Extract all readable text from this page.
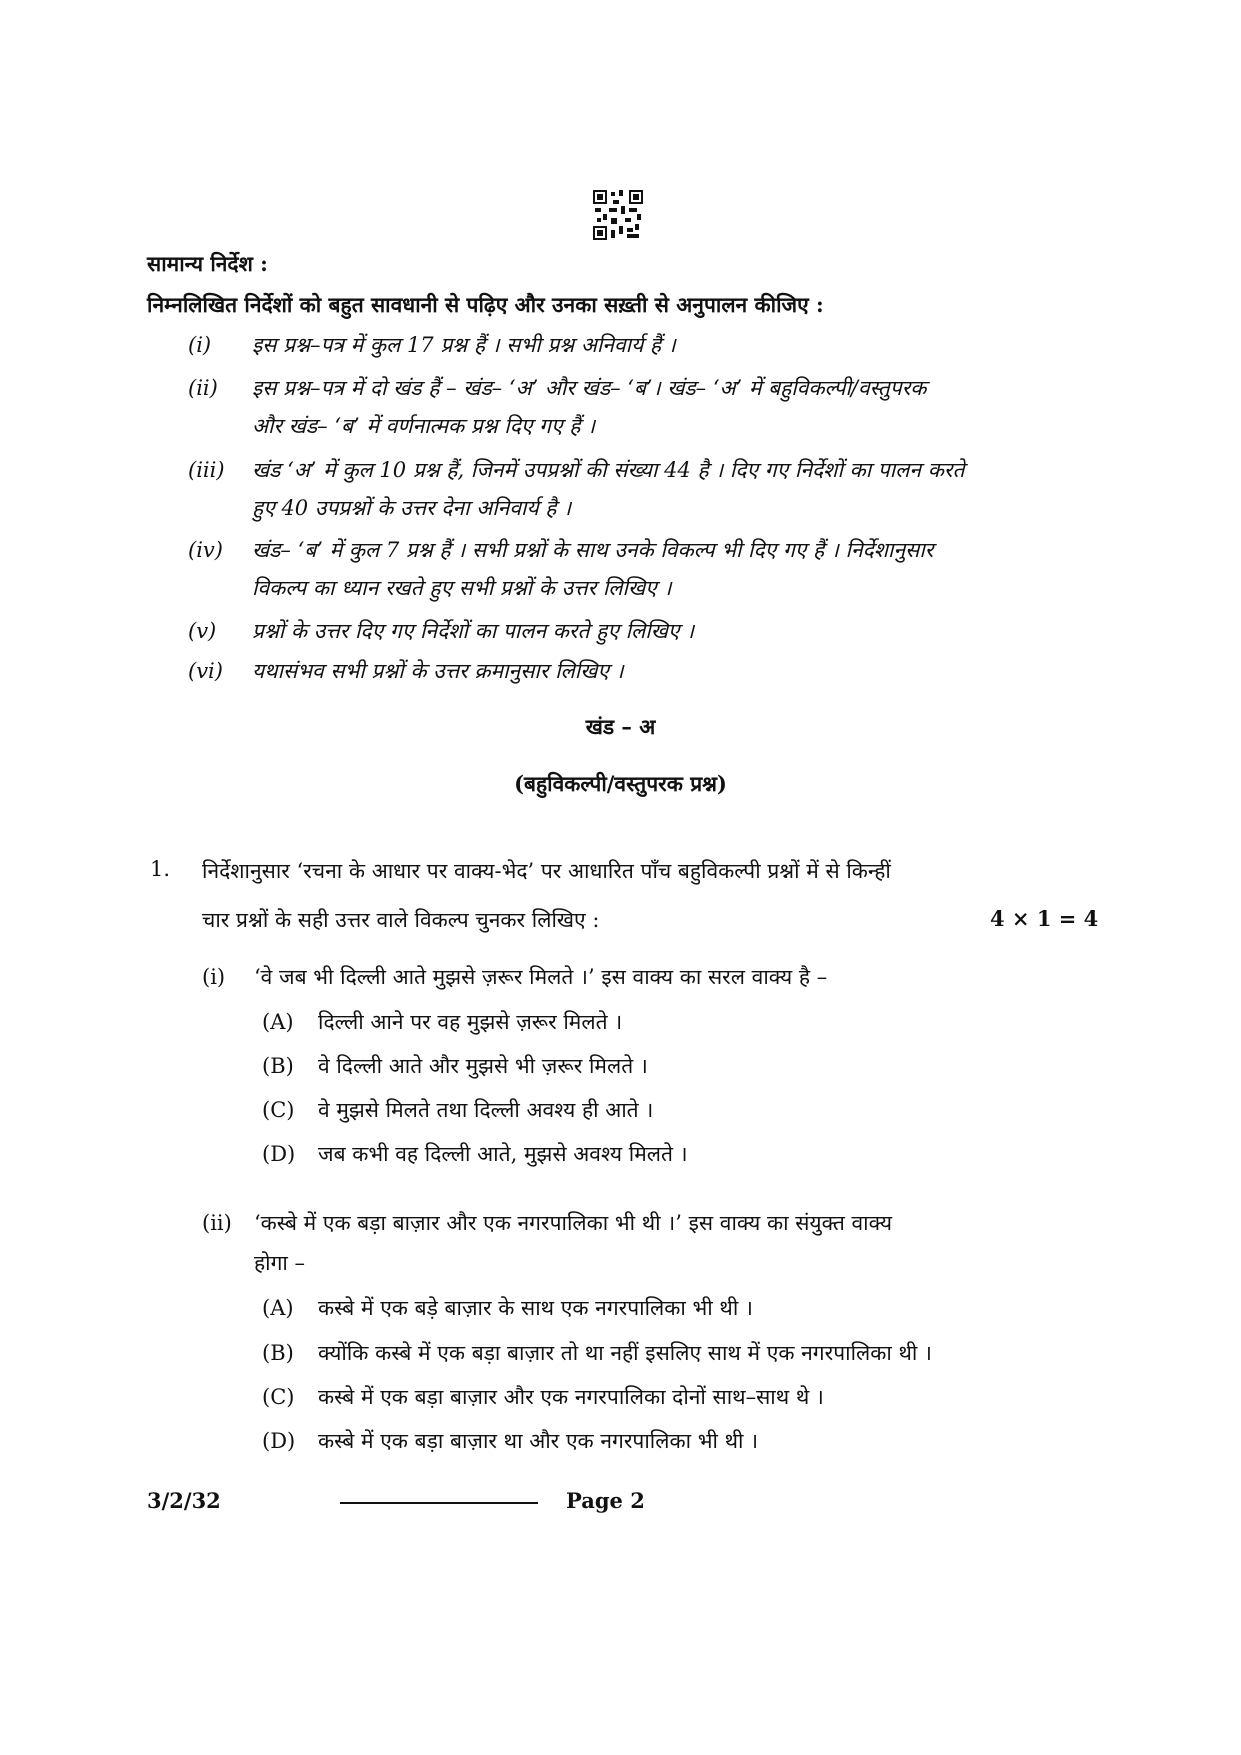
सामान्य निर्देश :
निम्नलिखित निर्देशों को बहुत सावधानी से पढ़िए और उनका सख़्ती से अनुपालन कीजिए :
(i) इस प्रश्न–पत्र में कुल 17 प्रश्न हैं । सभी प्रश्न अनिवार्य हैं ।
(ii) इस प्रश्न–पत्र में दो खंड हैं – खंड– ‘अ’ और खंड– ‘ब’। खंड– ‘अ’ में बहुविकल्पी/वस्तुपरक
और खंड– ‘ब’ में वर्णनात्मक प्रश्न दिए गए हैं ।
(iii) खंड ‘अ’ में कुल 10 प्रश्न हैं, जिनमें उपप्रश्नों की संख्या 44 है । दिए गए निर्देशों का पालन करते
हुए 40 उपप्रश्नों के उत्तर देना अनिवार्य है ।
(iv) खंड– ‘ब’ में कुल 7 प्रश्न हैं । सभी प्रश्नों के साथ उनके विकल्प भी दिए गए हैं । निर्देशानुसार
विकल्प का ध्यान रखते हुए सभी प्रश्नों के उत्तर लिखिए ।
(v) प्रश्नों के उत्तर दिए गए निर्देशों का पालन करते हुए लिखिए ।
(vi) यथासंभव सभी प्रश्नों के उत्तर क्रमानुसार लिखिए ।
खंड – अ
(बहुविकल्पी/वस्तुपरक प्रश्न)
1. निर्देशानुसार ‘रचना के आधार पर वाक्य-भेद’ पर आधारित पाँच बहुविकल्पी प्रश्नों में से किन्हीं
चार प्रश्नों के सही उत्तर वाले विकल्प चुनकर लिखिए :	4 × 1 = 4
(i) ‘वे जब भी दिल्ली आते मुझसे ज़रूर मिलते ।’ इस वाक्य का सरल वाक्य है –
(A) दिल्ली आने पर वह मुझसे ज़रूर मिलते ।
(B) वे दिल्ली आते और मुझसे भी ज़रूर मिलते ।
(C) वे मुझसे मिलते तथा दिल्ली अवश्य ही आते ।
(D) जब कभी वह दिल्ली आते, मुझसे अवश्य मिलते ।
(ii) ‘कस्बे में एक बड़ा बाज़ार और एक नगरपालिका भी थी ।’ इस वाक्य का संयुक्त वाक्य
होगा –
(A) कस्बे में एक बड़े बाज़ार के साथ एक नगरपालिका भी थी ।
(B) क्योंकि कस्बे में एक बड़ा बाज़ार तो था नहीं इसलिए साथ में एक नगरपालिका थी ।
(C) कस्बे में एक बड़ा बाज़ार और एक नगरपालिका दोनों साथ–साथ थे ।
(D) कस्बे में एक बड़ा बाज़ार था और एक नगरपालिका भी थी ।
3/2/32	Page 2
